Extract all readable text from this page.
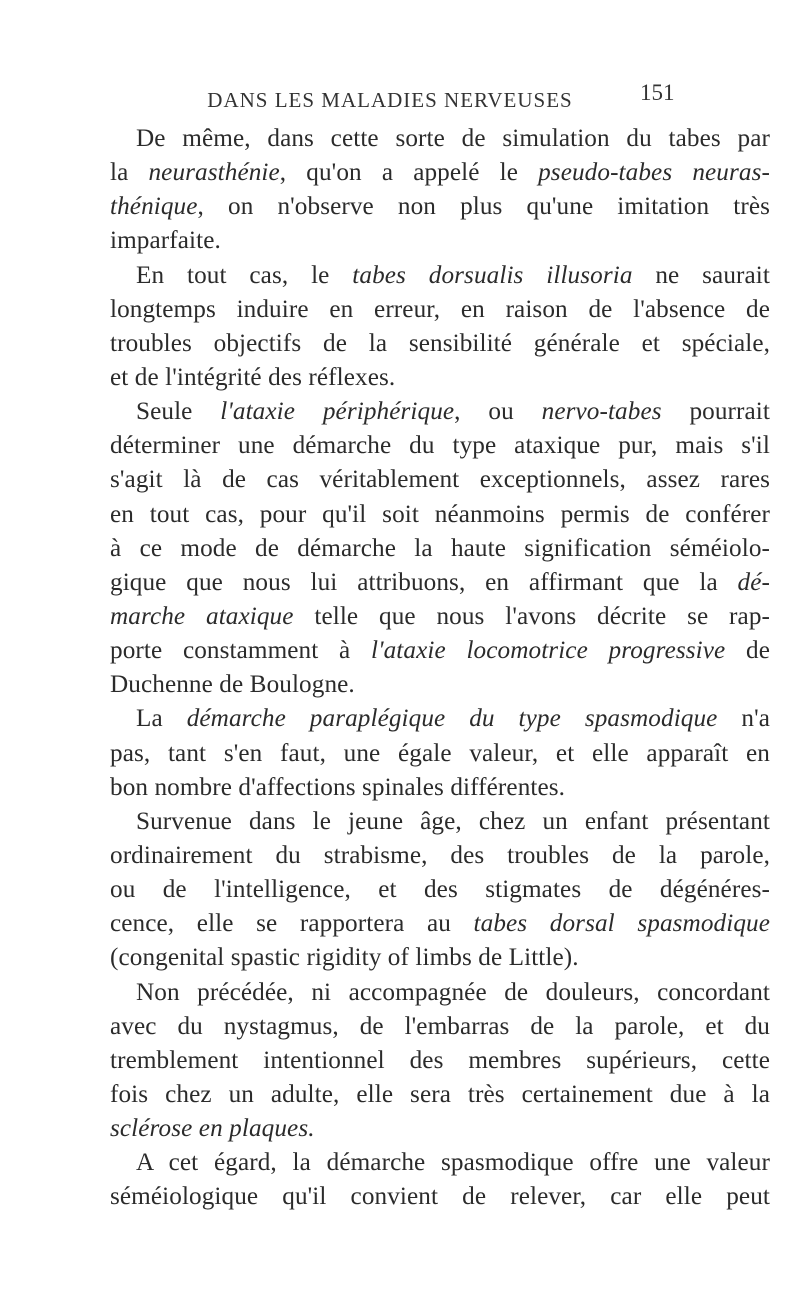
DANS LES MALADIES NERVEUSES	151
De même, dans cette sorte de simulation du tabes par
la neurasthénie, qu'on a appelé le pseudo-tabes neuras-
thénique, on n'observe non plus qu'une imitation très
imparfaite.
En tout cas, le tabes dorsualis illusoria ne saurait
longtemps induire en erreur, en raison de l'absence de
troubles objectifs de la sensibilité générale et spéciale,
et de l'intégrité des réflexes.
Seule l'ataxie périphérique, ou nervo-tabes pourrait
déterminer une démarche du type ataxique pur, mais s'il
s'agit là de cas véritablement exceptionnels, assez rares
en tout cas, pour qu'il soit néanmoins permis de conférer
à ce mode de démarche la haute signification séméiolo-
gique que nous lui attribuons, en affirmant que la dé-
marche ataxique telle que nous l'avons décrite se rap-
porte constamment à l'ataxie locomotrice progressive de
Duchenne de Boulogne.
La démarche paraplégique du type spasmodique n'a
pas, tant s'en faut, une égale valeur, et elle apparaît en
bon nombre d'affections spinales différentes.
Survenue dans le jeune âge, chez un enfant présentant
ordinairement du strabisme, des troubles de la parole,
ou de l'intelligence, et des stigmates de dégénéres-
cence, elle se rapportera au tabes dorsal spasmodique
(congenital spastic rigidity of limbs de Little).
Non précédée, ni accompagnée de douleurs, concordant
avec du nystagmus, de l'embarras de la parole, et du
tremblement intentionnel des membres supérieurs, cette
fois chez un adulte, elle sera très certainement due à la
sclérose en plaques.
A cet égard, la démarche spasmodique offre une valeur
séméiologique qu'il convient de relever, car elle peut
